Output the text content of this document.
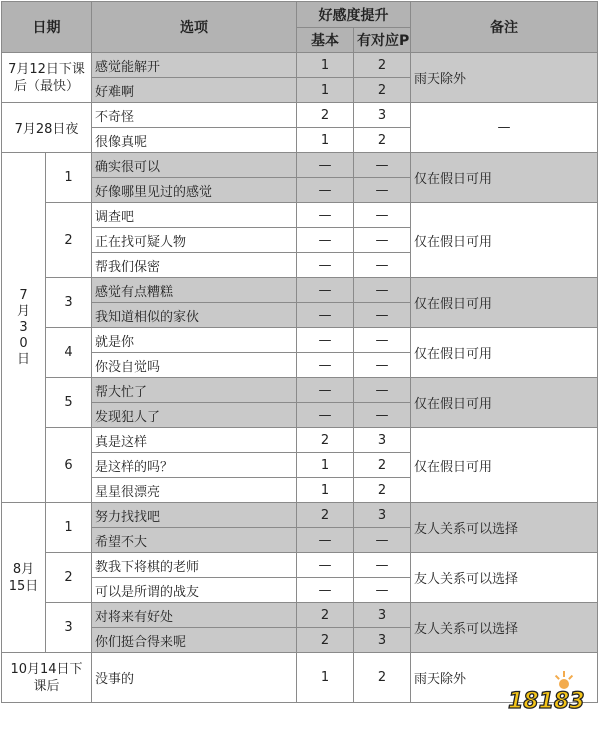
日期		选项	好感度提升		备注
			基本	有对应P	
7月12日下课后（最快）		感觉能解开	1	2	雨天除外
		好难啊	1	2	
7月28日夜		不奇怪	2	3	—
		很像真呢	1	2	
7月30日	1	确实很可以	—	—	仅在假日可用
		好像哪里见过的感觉	—	—	
	2	调查吧	—	—	仅在假日可用
		正在找可疑人物	—	—	
		帮我们保密	—	—	
	3	感觉有点糟糕	—	—	仅在假日可用
		我知道相似的家伙	—	—	
	4	就是你	—	—	仅在假日可用
		你没自觉吗	—	—	
	5	帮大忙了	—	—	仅在假日可用
		发现犯人了	—	—	
	6	真是这样	2	3	仅在假日可用
		是这样的吗？	1	2	
		星星很漂亮	1	2	
8月15日	1	努力找找吧	2	3	友人关系可以选择
		希望不大	—	—	
	2	教我下将棋的老师	—	—	友人关系可以选择
		可以是所谓的战友	—	—	
	3	对将来有好处	2	3	友人关系可以选择
		你们挺合得来呢	2	3	
10月14日下课后		没事的	1	2	雨天除外
18183
